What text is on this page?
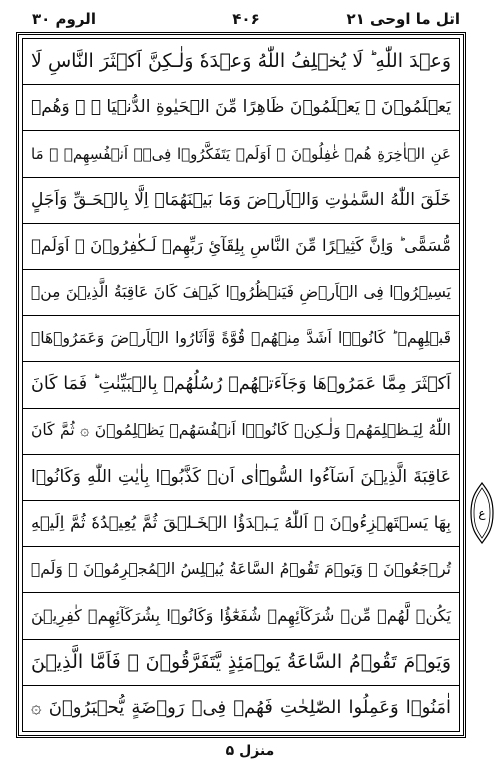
اتل ما اوحی ۲۱
۴۰۶
الروم ۳۰
وَعۡدَ اللّٰهِ ؕ لَا يُخۡلِفُ اللّٰهُ وَعۡدَهٗ وَلٰـكِنَّ اَكۡثَرَ النَّاسِ لَا
يَعۡلَمُوۡنَ ۞ يَعۡلَمُوۡنَ ظَاهِرًا مِّنَ الۡحَيٰوةِ الدُّنۡيَا ۖ ۚ وَهُمۡ
عَنِ الۡاٰخِرَةِ هُمۡ غٰفِلُوۡنَ ۞ اَوَلَمۡ يَتَفَكَّرُوۡا فِىۡۤ اَنۡفُسِهِمۡ ۗ مَا
خَلَقَ اللّٰهُ السَّمٰوٰتِ وَالۡاَرۡضَ وَمَا بَيۡنَهُمَاۤ اِلَّا بِالۡحَـقِّ وَاَجَلٍ
مُّسَمًّى ؕ وَاِنَّ كَثِيۡرًا مِّنَ النَّاسِ بِلِقَآئِ رَبِّهِمۡ لَـكٰفِرُوۡنَ ۞ اَوَلَمۡ
يَسِيۡرُوۡا فِى الۡاَرۡضِ فَيَنۡظُرُوۡا كَيۡفَ كَانَ عَاقِبَةُ الَّذِيۡنَ مِنۡ
قَبۡلِهِمۡ ؕ كَانُوۡۤا اَشَدَّ مِنۡهُمۡ قُوَّةً وَّاَثَارُوا الۡاَرۡضَ وَعَمَرُوۡهَاۤ
اَكۡثَرَ مِمَّا عَمَرُوۡهَا وَجَآءَتۡهُمۡ رُسُلُهُمۡ بِالۡبَيِّنٰتِ ؕ فَمَا كَانَ
اللّٰهُ لِيَـظۡلِمَهُمۡ وَلٰـكِنۡ كَانُوۡۤا اَنۡفُسَهُمۡ يَظۡلِمُوۡنَ ۞ ثُمَّ كَانَ
عَاقِبَةَ الَّذِيۡنَ اَسَآءُوا السُّوۡٓاٰى اَنۡ كَذَّبُوۡا بِاٰيٰتِ اللّٰهِ وَكَانُوۡا
بِهَا يَسۡتَهۡزِءُوۡنَ ۞ اَللّٰهُ يَـبۡدَؤُا الۡخَـلۡقَ ثُمَّ يُعِيۡدُهٗ ثُمَّ اِلَيۡهِ
تُرۡجَعُوۡنَ ۞ وَيَوۡمَ تَقُوۡمُ السَّاعَةُ يُبۡلِسُ الۡمُجۡرِمُوۡنَ ۞ وَلَمۡ
يَكُنۡ لَّهُمۡ مِّنۡ شُرَكَآئِهِمۡ شُفَعٰٓؤُا وَكَانُوۡا بِشُرَكَآئِهِمۡ كٰفِرِيۡنَ
وَيَوۡمَ تَقُوۡمُ السَّاعَةُ يَوۡمَئِذٍ يَّتَفَرَّقُوۡنَ ۞ فَاَمَّا الَّذِيۡنَ
اٰمَنُوۡا وَعَمِلُوا الصّٰلِحٰتِ فَهُمۡ فِىۡ رَوۡضَةٍ يُّحۡبَرُوۡنَ ۞
ع
منزل ۵
